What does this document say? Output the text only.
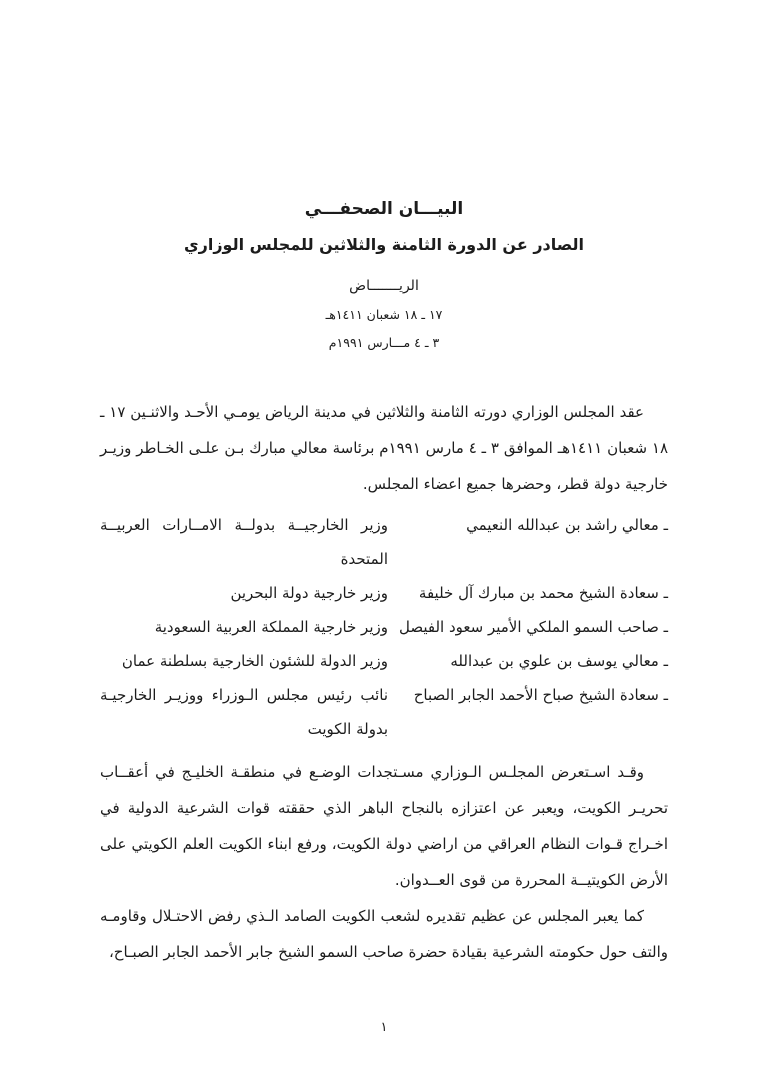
البيـــان الصحفـــي
الصادر عن الدورة الثامنة والثلاثين للمجلس الوزاري
الريـــــــاض
١٧ ـ ١٨ شعبان ١٤١١هـ
٣ ـ ٤ مـــارس ١٩٩١م

عقد المجلس الوزاري دورته الثامنة والثلاثين في مدينة الرياض يومـي الأحـد والاثنـين ١٧ ـ ١٨ شعبان ١٤١١هـ الموافق ٣ ـ ٤ مارس ١٩٩١م برئاسة معالي مبارك بـن علـى الخـاطر وزيـر خارجية دولة قطر، وحضرها جميع اعضاء المجلس.

ـ معالي راشد بن عبدالله النعيمي
وزير الخارجيــة بدولــة الامــارات العربيــة المتحدة
ـ سعادة الشيخ محمد بن مبارك آل خليفة
وزير خارجية دولة البحرين
ـ صاحب السمو الملكي الأمير سعود الفيصل
وزير خارجية المملكة العربية السعودية
ـ معالي يوسف بن علوي بن عبدالله
وزير الدولة للشئون الخارجية بسلطنة عمان
ـ سعادة الشيخ صباح الأحمد الجابر الصباح
نائب رئيس مجلس الـوزراء ووزيـر الخارجيـة بدولة الكويت

وقـد اسـتعرض المجلـس الـوزاري مسـتجدات الوضـع في منطقـة الخليـج في أعقــاب تحريـر الكويت، ويعبر عن اعتزازه بالنجاح الباهر الذي حققته قوات الشرعية الدولية في اخـراج قـوات النظام العراقي من اراضي دولة الكويت، ورفع ابناء الكويت العلم الكويتي على الأرض الكويتيــة المحررة من قوى العــدوان.

كما يعبر المجلس عن عظيم تقديره لشعب الكويت الصامد الـذي رفض الاحتـلال وقاومـه والتف حول حكومته الشرعية بقيادة حضرة صاحب السمو الشيخ جابر الأحمد الجابر الصبـاح،

١
